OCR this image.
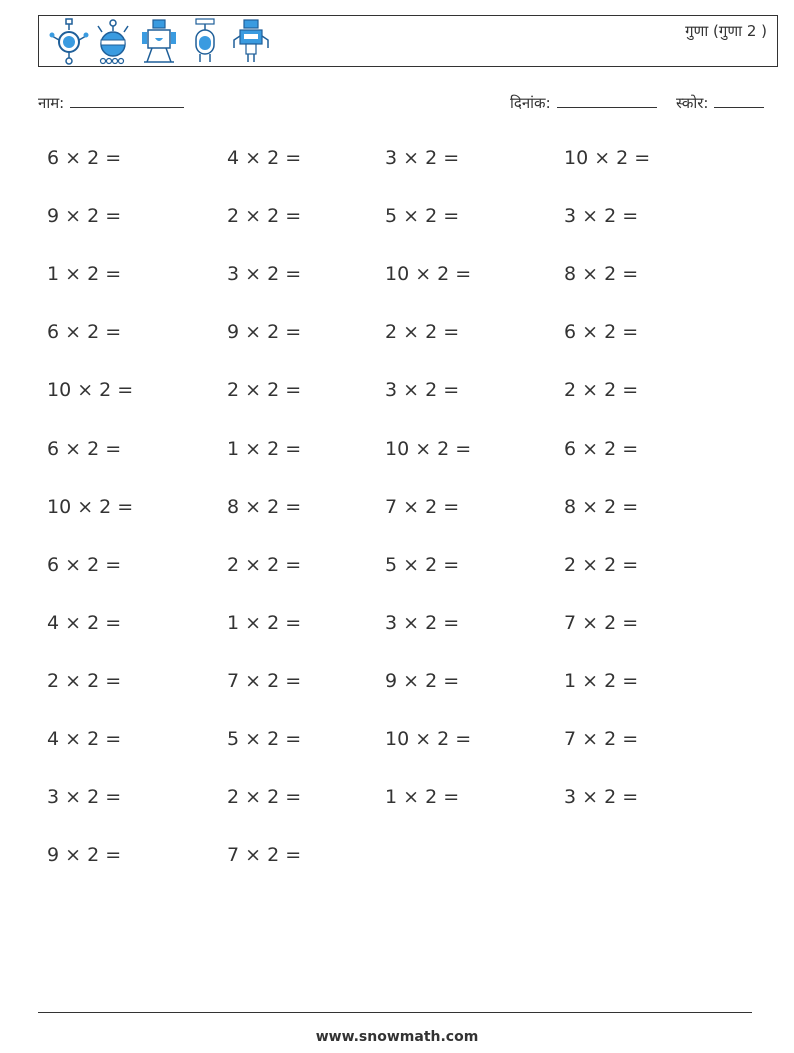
गुणा (गुणा 2 )
नाम:	दिनांक:	स्कोर:
6 × 2 =	4 × 2 =	3 × 2 =	10 × 2 =
9 × 2 =	2 × 2 =	5 × 2 =	3 × 2 =
1 × 2 =	3 × 2 =	10 × 2 =	8 × 2 =
6 × 2 =	9 × 2 =	2 × 2 =	6 × 2 =
10 × 2 =	2 × 2 =	3 × 2 =	2 × 2 =
6 × 2 =	1 × 2 =	10 × 2 =	6 × 2 =
10 × 2 =	8 × 2 =	7 × 2 =	8 × 2 =
6 × 2 =	2 × 2 =	5 × 2 =	2 × 2 =
4 × 2 =	1 × 2 =	3 × 2 =	7 × 2 =
2 × 2 =	7 × 2 =	9 × 2 =	1 × 2 =
4 × 2 =	5 × 2 =	10 × 2 =	7 × 2 =
3 × 2 =	2 × 2 =	1 × 2 =	3 × 2 =
9 × 2 =	7 × 2 =
www.snowmath.com
